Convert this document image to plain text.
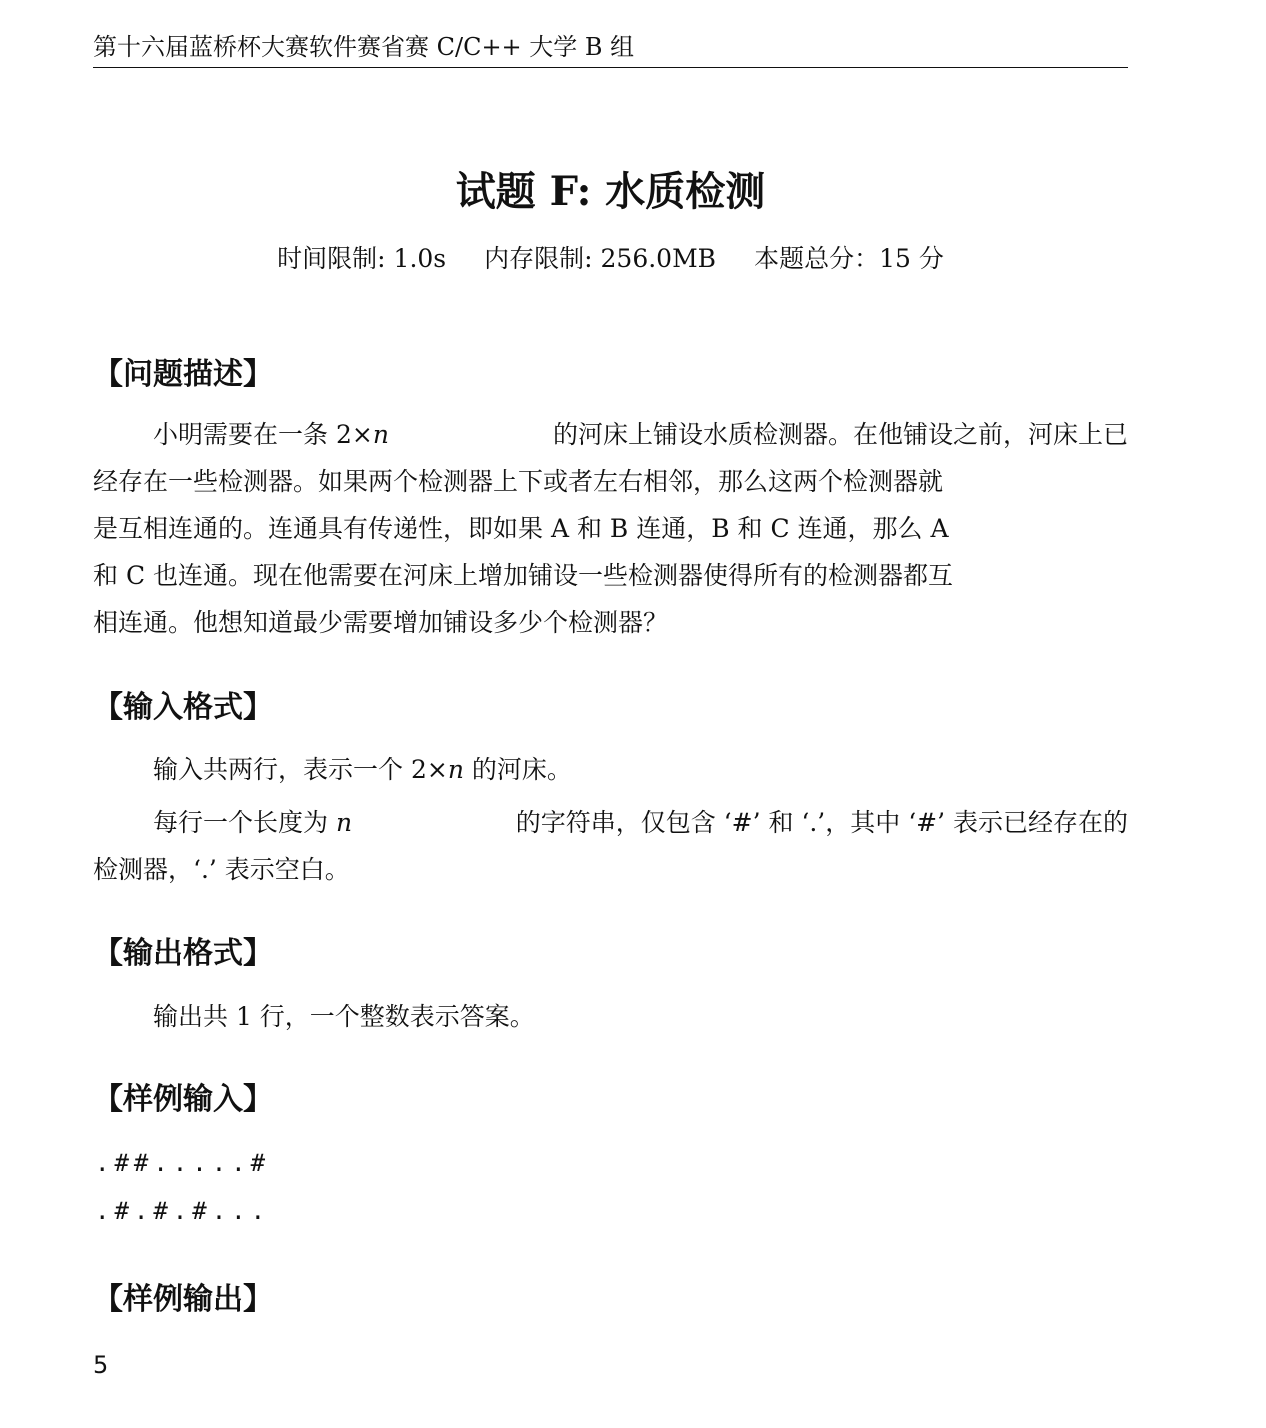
第十六届蓝桥杯大赛软件赛省赛 C/C++ 大学 B 组
试题 F: 水质检测
时间限制: 1.0s 内存限制: 256.0MB 本题总分：15 分
【问题描述】
小明需要在一条 2×n	的河床上铺设水质检测器。在他铺设之前，河床上已
经存在一些检测器。如果两个检测器上下或者左右相邻，那么这两个检测器就
是互相连通的。连通具有传递性，即如果 A 和 B 连通，B 和 C 连通，那么 A
和 C 也连通。现在他需要在河床上增加铺设一些检测器使得所有的检测器都互
相连通。他想知道最少需要增加铺设多少个检测器？
【输入格式】
输入共两行，表示一个 2×n 的河床。
每行一个长度为 n	的字符串，仅包含 ‘#’ 和 ‘.’，其中 ‘#’ 表示已经存在的
检测器，‘.’ 表示空白。
【输出格式】
输出共 1 行，一个整数表示答案。
【样例输入】
.##.....#
.#.#.#...
【样例输出】
5
